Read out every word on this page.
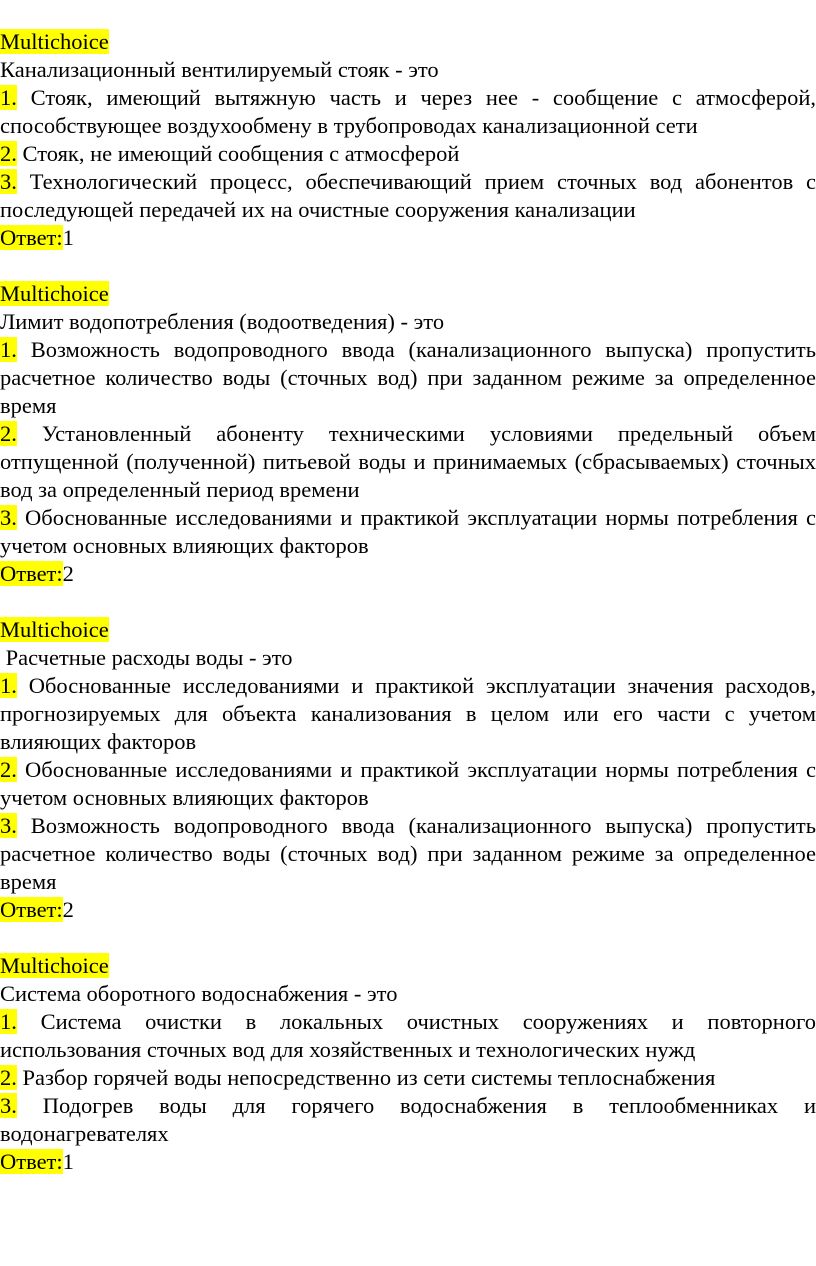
Multichoice
Канализационный вентилируемый стояк - это
1. Стояк, имеющий вытяжную часть и через нее - сообщение с атмосферой, способствующее воздухообмену в трубопроводах канализационной сети
2. Стояк, не имеющий сообщения с атмосферой
3. Технологический процесс, обеспечивающий прием сточных вод абонентов с последующей передачей их на очистные сооружения канализации
Ответ:1
Multichoice
Лимит водопотребления (водоотведения) - это
1. Возможность водопроводного ввода (канализационного выпуска) пропустить расчетное количество воды (сточных вод) при заданном режиме за определенное время
2. Установленный абоненту техническими условиями предельный объем отпущенной (полученной) питьевой воды и принимаемых (сбрасываемых) сточных вод за определенный период времени
3. Обоснованные исследованиями и практикой эксплуатации нормы потребления с учетом основных влияющих факторов
Ответ:2
Multichoice
Расчетные расходы воды - это
1. Обоснованные исследованиями и практикой эксплуатации значения расходов, прогнозируемых для объекта канализования в целом или его части с учетом влияющих факторов
2. Обоснованные исследованиями и практикой эксплуатации нормы потребления с учетом основных влияющих факторов
3. Возможность водопроводного ввода (канализационного выпуска) пропустить расчетное количество воды (сточных вод) при заданном режиме за определенное время
Ответ:2
Multichoice
Система оборотного водоснабжения - это
1. Система очистки в локальных очистных сооружениях и повторного использования сточных вод для хозяйственных и технологических нужд
2. Разбор горячей воды непосредственно из сети системы теплоснабжения
3. Подогрев воды для горячего водоснабжения в теплообменниках и водонагревателях
Ответ:1
